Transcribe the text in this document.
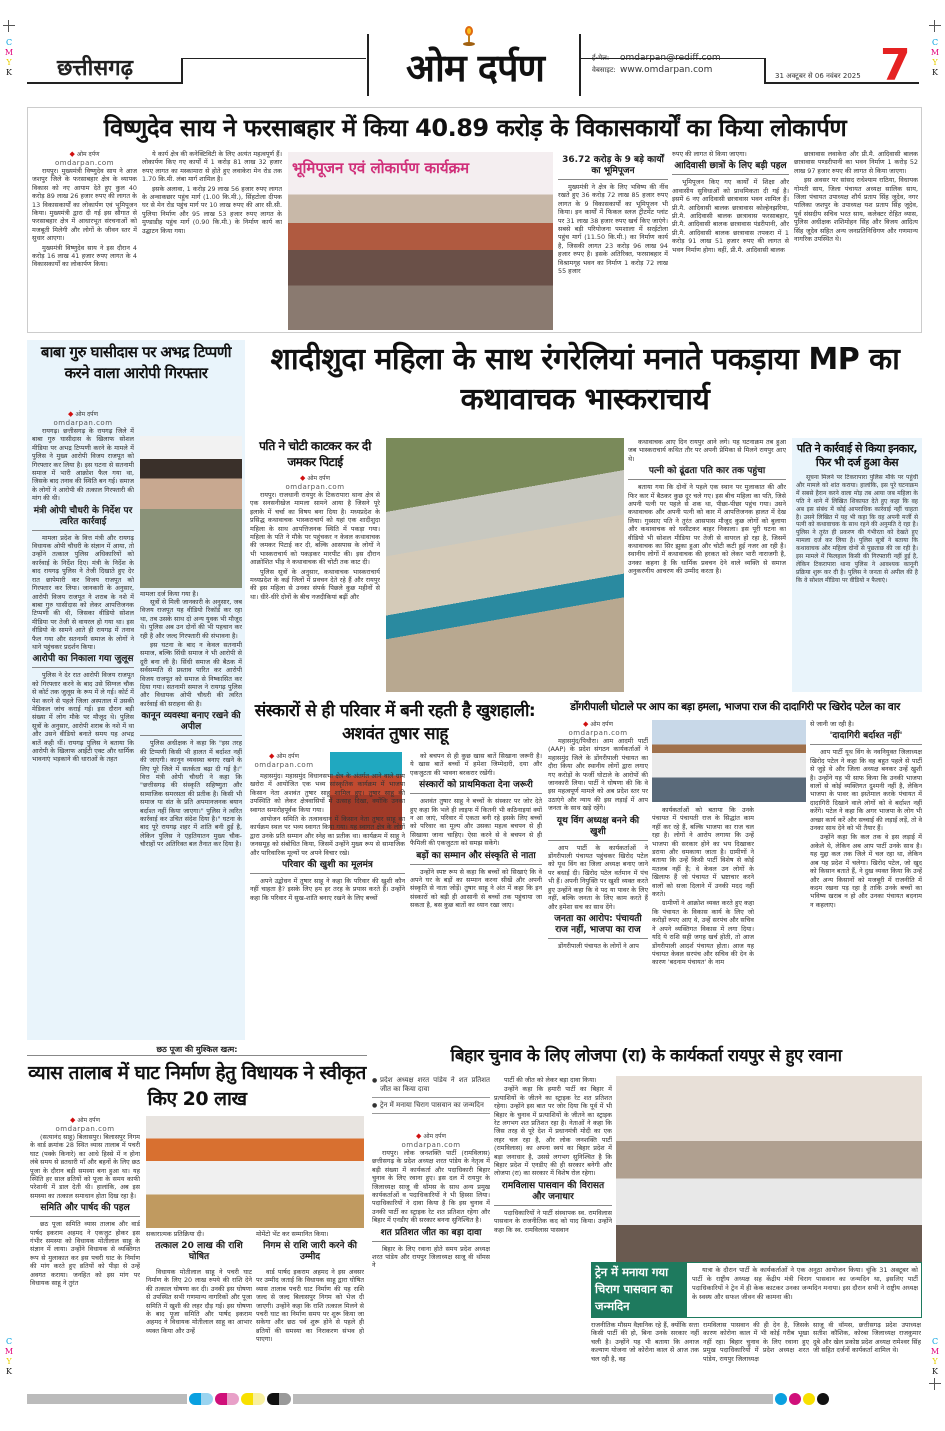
C
M
Y
K
C
M
Y
K
C
M
Y
K
C
M
Y
K
छत्तीसगढ़	ओम दर्पण	ई-मेल: omdarpan@rediff.com
वेबसाइट: www.omdarpan.com
31 अक्टूबर से 06 नवंबर 2025 7
विष्णुदेव साय ने फरसाबहार में किया 40.89 करोड़ के विकासकार्यों का किया लोकार्पण
◆ ओम दर्पण
omdarpan.com

रायपुर। मुख्यमंत्री विष्णुदेव साय ने आज जशपुर जिले के फरसाबहार क्षेत्र के व्यापक विकास को नए आयाम देते हुए कुल 40 करोड़ 89 लाख 26 हजार रुपए की लागत के 13 विकासकार्यों का लोकार्पण एवं भूमिपूजन किया। मुख्यमंत्री द्वारा दी गई इस सौगात से फरसाबहार क्षेत्र में आधारभूत संरचनाओं को मजबूती मिलेगी और लोगों के जीवन स्तर में सुधार आएगा।

मुख्यमंत्री विष्णुदेव साय ने इस दौरान 4 करोड़ 16 लाख 41 हजार रुपए लागत के 4 विकासकार्यों का लोकार्पण किया।

ये कार्य क्षेत्र की कनेक्टिविटी के लिए अत्यंत महत्वपूर्ण हैं। लोकार्पण किए गए कार्यों में 1 करोड़ 81 लाख 32 हजार रुपए लागत का मस्कामारा से होते हुए लवाकेरा मेन रोड तक 1.70 कि.मी. लंबा मार्ग शामिल है।

इसके अलावा, 1 करोड़ 29 लाख 56 हजार रुपए लागत के अन्वाकछार पहुंच मार्ग (1.00 कि.मी.), सिंहटोला दीपक घर से मेन रोड पहुंच मार्ग पर 10 लाख रुपए की आर सी.सी. पुलिया निर्माण और 95 लाख 53 हजार रुपए लागत के मुण्डाडीह पहुंच मार्ग (0.90 कि.मी.) के निर्माण कार्य का उद्घाटन किया गया।

भूमिपूजन एवं लोकार्पण कार्यक्रम	36.72 करोड़ के 9 बड़े कार्यों का भूमिपूजन

मुख्यमंत्री ने क्षेत्र के लिए भविष्य की नींव रखते हुए 36 करोड़ 72 लाख 85 हजार रुपए लागत के 9 विकासकार्यों का भूमिपूजन भी किया। इन कार्यों में फिकल स्लज ट्रीटमेंट प्लांट पर 31 लाख 38 हजार रुपए खर्च किए जाएंगे। सबसे बड़ी परियोजना पमशाला में सरईटोला पहुंच मार्ग (11.50 कि.मी.) का निर्माण कार्य है, जिसकी लागत 23 करोड़ 96 लाख 94 हजार रुपए है। इसके अतिरिक्त, फरसाबहार में विश्रामगृह भवन का निर्माण 1 करोड़ 72 लाख 55 हजार

रुपए की लागत से किया जाएगा।
आदिवासी छात्रों के लिए बड़ी पहल

भूमिपूजन किए गए कार्यों में शिक्षा और आवासीय सुविधाओं को प्राथमिकता दी गई है। इसमें 6 नए आदिवासी छात्रावास भवन शामिल हैं। प्री.मै. आदिवासी बालक छात्रावास कोल्हेनझरिया, प्री.मै. आदिवासी बालक छात्रावास फरसाबहार, प्री.मै. आदिवासी बालक छात्रावास पंडरीपानी, और प्री.मै. आदिवासी बालक छात्रावास तपकरा में 1 करोड़ 91 लाख 51 हजार रुपए की लागत से भवन निर्माण होगा। वहीं, प्री.मै. आदिवासी बालक

छात्रावास लवाकेरा और प्री.मै. आदिवासी बालक छात्रावास पण्डरीपानी का भवन निर्माण 1 करोड़ 52 लाख 97 हजार रुपए की लागत से किया जाएगा।

इस अवसर पर सांसद राधेश्याम राठिया, विधायक गोमती साय, जिला पंचायत अध्यक्ष सालिक साय, जिला पंचायत उपाध्यक्ष शौर्य प्रताप सिंह जूदेव, नगर पालिका जशपुर के उपाध्यक्ष यश प्रताप सिंह जूदेव, पूर्व संसदीय सचिव भरत साय, कलेक्टर रोहित व्यास, पुलिस अधीक्षक शशिमोहन सिंह और विजय आदित्य सिंह जूदेव सहित अन्य जनप्रतिनिधिगण और गणमान्य नागरिक उपस्थित थे।

बाबा गुरु घासीदास पर अभद्र टिप्पणी करने वाला आरोपी गिरफ्तार
◆ ओम दर्पण
omdarpan.com

रायगढ़। छत्तीसगढ़ के रायगढ़ जिले में बाबा गुरु घासीदास के खिलाफ सोशल मीडिया पर अभद्र टिप्पणी करने के मामले में पुलिस ने मुख्य आरोपी विजय राजपूत को गिरफ्तार कर लिया है। इस घटना से सतनामी समाज में भारी आक्रोश फैल गया था, जिसके बाद तनाव की स्थिति बन गई। समाज के लोगों ने आरोपी की तत्काल गिरफ्तारी की मांग की थी।

मंत्री ओपी चौधरी के निर्देश पर त्वरित कार्रवाई

मामला प्रदेश के वित्त मंत्री और रायगढ़ विधायक ओपी चौधरी के संज्ञान में आया, तो उन्होंने तत्काल पुलिस अधिकारियों को कार्रवाई के निर्देश दिए। मंत्री के निर्देश के बाद रायगढ़ पुलिस ने तेजी दिखाते हुए देर रात छापेमारी कर विजय राजपूत को गिरफ्तार कर लिया। जानकारी के अनुसार, आरोपी विजय राजपूत ने शराब के नशे में बाबा गुरु घासीदास को लेकर आपत्तिजनक टिप्पणी की थी, जिसका वीडियो सोशल मीडिया पर तेजी से वायरल हो गया था। इस वीडियो के सामने आते ही रायगढ़ में तनाव फैल गया और सतनामी समाज के लोगों ने थाने पहुंचकर प्रदर्शन किया।

आरोपी का निकाला गया जुलूस

पुलिस ने देर रात आरोपी विजय राजपूत को गिरफ्तार करने के बाद उसे सिग्नल चौक से कोर्ट तक जुलूस के रूप में ले गई। कोर्ट में पेश करने से पहले जिला अस्पताल में उसकी मेडिकल जांच कराई गई। इस दौरान बड़ी संख्या में लोग मौके पर मौजूद थे। पुलिस सूत्रों के अनुसार, आरोपी शराब के नशे में था और उसने वीडियो बनाते समय यह अभद्र बातें कही थीं। रायगढ़ पुलिस ने बताया कि आरोपी के खिलाफ आईटी एक्ट और धार्मिक भावनाएं भड़काने की धाराओं के तहत

मामला दर्ज किया गया है।

सूत्रों से मिली जानकारी के अनुसार, जब विजय राजपूत यह वीडियो रिकॉर्ड कर रहा था, तब उसके साथ दो अन्य युवक भी मौजूद थे। पुलिस अब उन दोनों की भी पहचान कर रही है और जल्द गिरफ्तारी की संभावना है।

इस घटना के बाद न केवल सतनामी समाज, बल्कि सिंधी समाज ने भी आरोपी से दूरी बना ली है। सिंधी समाज की बैठक में सर्वसम्मति से प्रस्ताव पारित कर आरोपी विजय राजपूत को समाज से निष्कासित कर दिया गया। सतनामी समाज ने रायगढ़ पुलिस और विधायक ओपी चौधरी की त्वरित कार्रवाई की सराहना की है।

कानून व्यवस्था बनाए रखने की अपील

पुलिस अधीक्षक ने कहा कि "इस तरह की टिप्पणी किसी भी हालत में बर्दाश्त नहीं की जाएगी। कानून व्यवस्था बनाए रखने के लिए पूरे जिले में सतर्कता बढ़ा दी गई है।" वित्त मंत्री ओपी चौधरी ने कहा कि "छत्तीसगढ़ की संस्कृति सहिष्णुता और सामाजिक समरसता की प्रतीक है। किसी भी समाज या संत के प्रति अपमानजनक बयान बर्दाश्त नहीं किया जाएगा।" पुलिस ने त्वरित कार्रवाई कर उचित संदेश दिया है।" घटना के बाद पूरे रायगढ़ शहर में शांति बनी हुई है, लेकिन पुलिस ने एहतियातन मुख्य चौक-चौराहों पर अतिरिक्त बल तैनात कर दिया है।

शादीशुदा महिला के साथ रंगरेलियां मनाते पकड़ाया MP का कथावाचक भास्कराचार्य
पति ने चोटी काटकर कर दी जमकर पिटाई
◆ ओम दर्पण
omdarpan.com

रायपुर। राजधानी रायपुर के टिकरापारा थाना क्षेत्र से एक सनसनीखेज मामला सामने आया है जिसने पूरे इलाके में चर्चा का विषय बना दिया है। मध्यप्रदेश के प्रसिद्ध कथावाचक भास्कराचार्य को यहां एक शादीशुदा महिला के साथ आपत्तिजनक स्थिति में पकड़ा गया। महिला के पति ने मौके पर पहुंचकर न केवल कथावाचक की जमकर पिटाई कर दी, बल्कि आसपास के लोगों ने भी भास्कराचार्य को पकड़कर मारपीट की। इस दौरान आक्रोशित भीड़ ने कथावाचक की चोटी तक काट दी।

पुलिस सूत्रों के अनुसार, कथावाचक भास्कराचार्य मध्यप्रदेश के कई जिलों में प्रवचन देते रहे हैं और रायपुर की इस महिला से उनका संपर्क पिछले कुछ महीनों से था। धीरे-धीरे दोनों के बीच नजदीकियां बढ़ीं और

कथावाचक आए दिन रायपुर आने लगे। यह घटनाक्रम तब हुआ जब भास्कराचार्य कथित तौर पर अपनी प्रेमिका से मिलने रायपुर आए थे।

पत्नी को ढूंढता पति कार तक पहुंचा

बताया गया कि दोनों ने पहले एक स्थान पर मुलाकात की और फिर कार में बैठकर कुछ दूर चले गए। इस बीच महिला का पति, जिसे अपनी पत्नी पर पहले से शक था, पीछा-पीछा पहुंच गया। उसने कथावाचक और अपनी पत्नी को कार में आपत्तिजनक हालत में देख लिया। गुस्साए पति ने तुरंत आसपास मौजूद कुछ लोगों को बुलाया और कथावाचक को घसीटकर बाहर निकाला। इस पूरी घटना का वीडियो भी सोशल मीडिया पर तेजी से वायरल हो रहा है, जिसमें कथावाचक का सिर झुका हुआ और चोटी कटी हुई नजर आ रही है। स्थानीय लोगों में कथावाचक की हरकत को लेकर भारी नाराजगी है, उनका कहना है कि धार्मिक प्रवचन देने वाले व्यक्ति से समाज अनुकरणीय आचरण की उम्मीद करता है।

पति ने कार्रवाई से किया इनकार, फिर भी दर्ज हुआ केस

सूचना मिलने पर टिकरापारा पुलिस मौके पर पहुंची और मामले को शांत कराया। हालांकि, इस पूरे घटनाक्रम में सबसे हैरान करने वाला मोड़ तब आया जब महिला के पति ने थाने में लिखित शिकायत देते हुए कहा कि वह अब इस संबंध में कोई आपराधिक कार्रवाई नहीं चाहता है। उसने लिखित में यह भी कहा कि वह अपनी मर्जी से पत्नी को कथावाचक के साथ रहने की अनुमति दे रहा है। पुलिस ने तुरंत ही प्रकरण की गंभीरता को देखते हुए मामला दर्ज कर लिया है। पुलिस सूत्रों ने बताया कि कथावाचक और महिला दोनों से पूछताछ की जा रही है। इस मामले में फिलहाल किसी की गिरफ्तारी नहीं हुई है, लेकिन टिकरापारा थाना पुलिस ने आवश्यक कानूनी प्रक्रिया शुरू कर दी है। पुलिस ने जनता से अपील की है कि वे सोशल मीडिया पर वीडियो न फैलाएं।

संस्कारों से ही परिवार में बनी रहती है खुशहाली: अशवंत तुषार साहू
◆ ओम दर्पण
omdarpan.com

महासमुंद। महासमुंद विधानसभा क्षेत्र के अंतर्गत आने वाले ग्राम खरोरा में आयोजित एक भव्य सांस्कृतिक कार्यक्रम में भाजपा किसान नेता अशवंत तुषार साहू शामिल हुए। तुषार साहू की उपस्थिति को लेकर क्षेत्रवासियों में उत्साह दिखा, क्योंकि उनका स्वागत समारोहपूर्वक किया गया।

आयोजन समिति के तत्वावधान में किसान नेता तुषार साहू का कार्यक्रम स्थल पर भव्य स्वागत किया गया। यह स्वागत क्षेत्र के लोगों द्वारा उनके प्रति सम्मान और स्नेह का प्रतीक था। कार्यक्रम में साहू ने जनसमूह को संबोधित किया, जिसमें उन्होंने मुख्य रूप से सामाजिक और पारिवारिक मूल्यों पर अपने विचार रखे।

परिवार की खुशी का मूलमंत्र

अपने उद्बोधन में तुषार साहू ने कहा कि परिवार की खुशी कौन नहीं चाहता है? इसके लिए हम हर तरह के प्रयास करते हैं। उन्होंने कहा कि परिवार में सुख-शांति बनाए रखने के लिए बच्चों

को बचपन से ही कुछ खास बातें सिखाना जरूरी है। ये खास बातें बच्चों में हमेशा जिम्मेदारी, दया और एकजुटता की भावना बरकरार रखेंगी।

संस्कारों को प्राथमिकता देना जरूरी

अशवंत तुषार साहू ने बच्चों के संस्कार पर जोर देते हुए कहा कि भले ही लाइफ में कितनी भी कठिनाइयां क्यों न आ जाएं, परिवार में एकता बनी रहे इसके लिए बच्चों को परिवार का मूल्य और उसका महत्व बचपन से ही सिखाया जाना चाहिए। ऐसा करने से वे बचपन से ही फैमिली की एकजुटता को समझ सकेंगे।

बड़ों का सम्मान और संस्कृति से नाता

उन्होंने स्पष्ट रूप से कहा कि बच्चों को सिखाएं कि वे अपने घर के बड़ों का सम्मान करना सीखें और अपनी संस्कृति से नाता जोड़ें। तुषार साहू ने अंत में कहा कि इन संस्कारों को बड़ी ही आसानी से बच्चों तक पहुंचाया जा सकता है, बस कुछ बातों का ध्यान रखा जाए।

डोंगरीपाली घोटाले पर आप का बड़ा हमला, भाजपा राज की दादागिरी पर खिरोद पटेल का वार
◆ ओम दर्पण
omdarpan.com

महासमुंद/पिथौरा। आम आदमी पार्टी (AAP) के प्रदेश संगठन कार्यकर्ताओं ने महासमुंद जिले के डोंगरीपाली पंचायत का दौरा किया और स्थानीय लोगों द्वारा लगाए गए करोड़ों के फर्जी घोटाले के आरोपों की जानकारी लिया। पार्टी ने घोषणा की कि वे इस महत्वपूर्ण मामले को अब प्रदेश स्तर पर उठाएंगे और न्याय की इस लड़ाई में आप जनता के साथ खड़े रहेंगे।

यूथ विंग अध्यक्ष बनने की खुशी

आप पार्टी के कार्यकर्ताओं ने डोंगरीपाली पंचायत पहुंचकर खिरोद पटेल को यूथ विंग का जिला अध्यक्ष बनाए जाने पर बधाई दी। खिरोद पटेल वर्तमान में पंच भी हैं। अपनी नियुक्ति पर खुशी व्यक्त करते हुए उन्होंने कहा कि वे पद या पावर के लिए नहीं, बल्कि जनता के लिए काम करते हैं और हमेशा सच का साथ देंगे।

जनता का आरोप: पंचायती राज नहीं, भाजपा का राज

डोंगरीपाली पंचायत के लोगों ने आप

कार्यकर्ताओं को बताया कि उनके पंचायत में पंचायती राज के सिद्धांत काम नहीं कर रहे हैं, बल्कि भाजपा का राज चल रहा है। लोगों ने आरोप लगाया कि उन्हें भाजपा की सरकार होने का भय दिखाकर डराया और धमकाया जाता है। ग्रामीणों ने बताया कि उन्हें किसी पार्टी विशेष से कोई मतलब नहीं है; वे केवल उन लोगों के खिलाफ हैं जो पंचायत में भ्रष्टाचार करने वालों को सजा दिलाने में उनकी मदद नहीं करते।

ग्रामीणों ने आक्रोश व्यक्त करते हुए कहा कि पंचायत के विकास कार्य के लिए जो करोड़ों रुपए आए थे, उन्हें सरपंच और सचिव ने अपने व्यक्तिगत विकास में लगा दिया। यदि ये राशि सही जगह खर्च होती, तो आज डोंगरीपाली आदर्श पंचायत होता। आज यह पंचायत केवल सरपंच और सचिव की देन के कारण 'बदनाम पंचायत' के नाम

से जानी जा रही है।
'दादागिरी बर्दाश्त नहीं'

आप पार्टी यूथ विंग के नवनियुक्त जिलाध्यक्ष खिरोद पटेल ने कहा कि वह बहुत पहले से पार्टी से जुड़े थे और जिला अध्यक्ष बनकर उन्हें खुशी है। उन्होंने यह भी साफ किया कि उनकी भाजपा वालों से कोई व्यक्तिगत दुश्मनी नहीं है, लेकिन भाजपा के पावर का इस्तेमाल करके पंचायत में दादागिरी दिखाने वाले लोगों को वे बर्दाश्त नहीं करेंगे। पटेल ने कहा कि अगर भाजपा के लोग भी अच्छा कार्य करें और सच्चाई की लड़ाई लड़ें, तो वे उनका साथ देने को भी तैयार हैं।

उन्होंने कहा कि कल तक वे इस लड़ाई में अकेले थे, लेकिन अब आप पार्टी उनके साथ है। यह मुद्दा कल तक जिले में चल रहा था, लेकिन अब यह प्रदेश में चलेगा। खिरोद पटेल, जो खुद को किसान बताते हैं, ने दुख व्यक्त किया कि उन्हें और अन्य किसानों को मजबूरी में राजनीति में कदम रखना पड़ रहा है ताकि उनके बच्चों का भविष्य खराब न हो और उनका पंचायत बदनाम न कहलाए।

छठ पूजा की मुश्किल खत्म:
व्यास तालाब में घाट निर्माण हेतु विधायक ने स्वीकृत किए 20 लाख
◆ ओम दर्पण
omdarpan.com

(सत्यानंद साहू) बिलासपुर। बिलासपुर निगम के वार्ड क्रमांक 28 स्थित व्यास तालाब में पचरी घाट (पक्के किनारे) का आधे हिस्से में न होना लंबे समय से व्रतधारी माँ और बहनों के लिए छठ पूजा के दौरान बड़ी समस्या बना हुआ था। यह स्थिति हर साल व्रतियों को पूजा के समय काफी परेशानी में डाल देती थी। हालांकि, अब इस समस्या का तत्काल समाधान होता दिख रहा है।

समिति और पार्षद की पहल

छठ पूजा समिति व्यास तालाब और वार्ड पार्षद इकराम अहमद ने एकजुट होकर इस गंभीर समस्या को विधायक मोतीलाल साहू के संज्ञान में लाया। उन्होंने विधायक से व्यक्तिगत रूप से मुलाकात कर इस पचरी घाट के निर्माण की मांग करते हुए व्रतियों को पीड़ा से उन्हें अवगत कराया। जनहित को इस मांग पर विधायक साहू ने तुरंत

सकारात्मक प्रतिक्रिया दी।
तत्काल 20 लाख की राशि घोषित

विधायक मोतीलाल साहू ने पचरी घाट निर्माण के लिए 20 लाख रुपये की राशि देने की तत्काल घोषणा कर दी। उनकी इस घोषणा से उपस्थित सभी गणमान्य नागरिकों और पूजा समिति में खुशी की लहर दौड़ गई। इस घोषणा के बाद पूजा समिति और पार्षद इकराम अहमद ने विधायक मोतीलाल साहू का आभार व्यक्त किया और उन्हें

मोमेंटो भेंट कर सम्मानित किया।
निगम से राशि जारी करने की उम्मीद

वार्ड पार्षद इकराम अहमद ने इस अवसर पर उम्मीद जताई कि विधायक साहू द्वारा घोषित व्यास तालाब पचरी घाट निर्माण की यह राशि जल्द से जल्द बिलासपुर निगम को भेज दी जाएगी। उन्होंने कहा कि राशि तत्काल मिलने से पचरी घाट का निर्माण समय पर शुरू किया जा सकेगा और छठ पर्व शुरू होने से पहले ही व्रतियों की समस्या का निराकरण संभव हो पाएगा।

बिहार चुनाव के लिए लोजपा (रा) के कार्यकर्ता रायपुर से हुए रवाना
● प्रदेश अध्यक्ष शरत पांडेय ने शत प्रतिशत जीत का किया दावा
● ट्रेन में मनाया चिराग पासवान का जन्मदिन
◆ ओम दर्पण
omdarpan.com

रायपुर। लोक जनशक्ति पार्टी (रामविलास) छत्तीसगढ़ के प्रदेश अध्यक्ष शरत पांडेय के नेतृत्व में बड़ी संख्या में कार्यकर्ता और पदाधिकारी बिहार चुनाव के लिए रवाना हुए। इस दल में रायपुर के जिलाध्यक्ष साजू वी थॉमस के साथ अन्य प्रमुख कार्यकर्ताओं व पदाधिकारियों ने भी हिस्सा लिया। पदाधिकारियों ने दावा किया है कि इस चुनाव में उनकी पार्टी का स्ट्राइक रेट शत प्रतिशत रहेगा और बिहार में एनडीए की सरकार बनना सुनिश्चित है।

शत प्रतिशत जीत का बड़ा दावा

बिहार के लिए रवाना होते समय प्रदेश अध्यक्ष शरत पांडेय और रायपुर जिलाध्यक्ष साजू वी थॉमस ने

पार्टी की जीत को लेकर बड़ा दावा किया।

उन्होंने कहा कि हमारी पार्टी का बिहार में प्रत्याशियों के जीतने का स्ट्राइक रेट शत प्रतिशत रहेगा। उन्होंने इस बात पर जोर दिया कि पूर्व में भी बिहार के चुनाव में प्रत्याशियों के जीतने का स्ट्राइक रेट लगभग शत प्रतिशत रहा है। नेताओं ने कहा कि जिस तरह से पूरे देश में प्रधानमंत्री मोदी का एक लहर चल रहा है, और लोक जनशक्ति पार्टी (रामविलास) का अपना स्वयं का बिहार प्रदेश में बड़ा जनाधार है, उससे लगभग सुनिश्चित है कि बिहार प्रदेश में एनडीए की ही सरकार बनेगी और लोजपा (रा) का सरकार में विशेष रोल रहेगा।

रामविलास पासवान की विरासत और जनाधार

पदाधिकारियों ने पार्टी संस्थापक स्व. रामविलास पासवान के राजनीतिक कद को याद किया। उन्होंने कहा कि स्व. रामविलास पासवान

ट्रेन में मनाया गया चिराग पासवान का जन्मदिन

यात्रा के दौरान पार्टी के कार्यकर्ताओं ने एक अनूठा आयोजन किया। चूंकि 31 अक्टूबर को पार्टी के राष्ट्रीय अध्यक्ष सह केंद्रीय मंत्री चिराग पासवान का जन्मदिन था, इसलिए पार्टी पदाधिकारियों ने ट्रेन में ही केक काटकर उनका जन्मदिन मनाया। इस दौरान सभी ने राष्ट्रीय अध्यक्ष के स्वस्थ और सफल जीवन की कामना की।

राजनीतिक मौसम वैज्ञानिक रहे हैं, क्योंकि सत्ता किसी पार्टी की हो, बिना उनके सरकार नहीं चली है। उन्होंने यह भी बताया कि अनाज कल्याण योजना जो कोरोना काल से आज तक चल रही है, वह

रामविलास पासवान की ही देन है, जिसके कारण कोरोना काल में भी कोई गरीब भूखा नहीं रहा। बिहार चुनाव के लिए रवाना हुए प्रमुख पदाधिकारियों में प्रदेश अध्यक्ष शरत पांडेय, रायपुर जिलाध्यक्ष

साजू वी थॉमस, छत्तीसगढ़ प्रदेश उपाध्यक्ष सतीश कौशिक, कोरबा जिलाध्यक्ष राजकुमार दुबे और खेल प्रकोष्ठ प्रदेश अध्यक्ष रामेश्वर सिंह जी सहित दर्जनों कार्यकर्ता शामिल थे।
